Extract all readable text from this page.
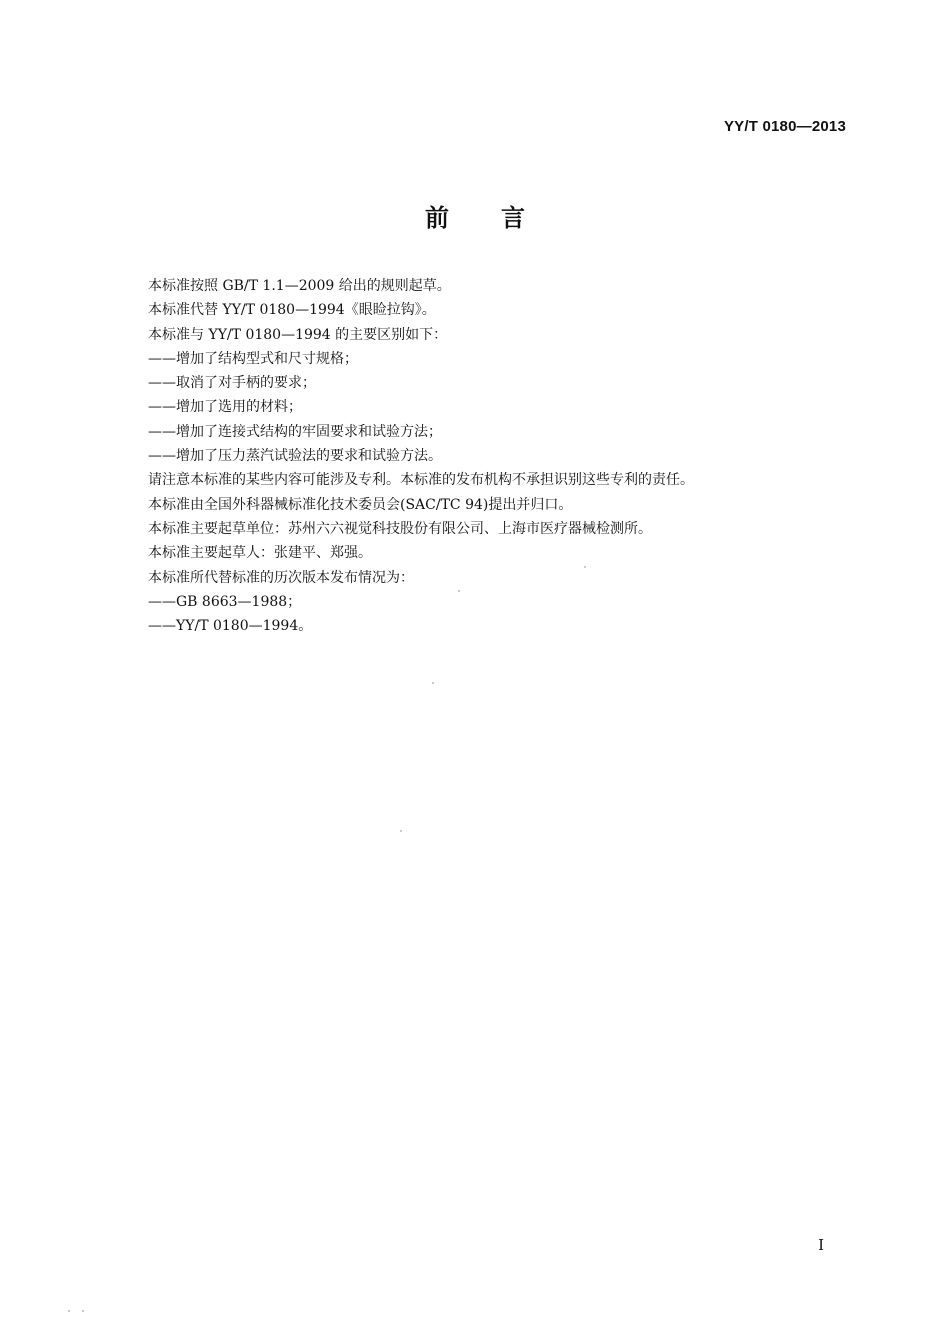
YY/T 0180—2013
前 言
本标准按照 GB/T 1.1—2009 给出的规则起草。
本标准代替 YY/T 0180—1994《眼睑拉钩》。
本标准与 YY/T 0180—1994 的主要区别如下：
——增加了结构型式和尺寸规格；
——取消了对手柄的要求；
——增加了选用的材料；
——增加了连接式结构的牢固要求和试验方法；
——增加了压力蒸汽试验法的要求和试验方法。
请注意本标准的某些内容可能涉及专利。本标准的发布机构不承担识别这些专利的责任。
本标准由全国外科器械标准化技术委员会(SAC/TC 94)提出并归口。
本标准主要起草单位：苏州六六视觉科技股份有限公司、上海市医疗器械检测所。
本标准主要起草人：张建平、郑强。
本标准所代替标准的历次版本发布情况为：
——GB 8663—1988；
——YY/T 0180—1994。
I
